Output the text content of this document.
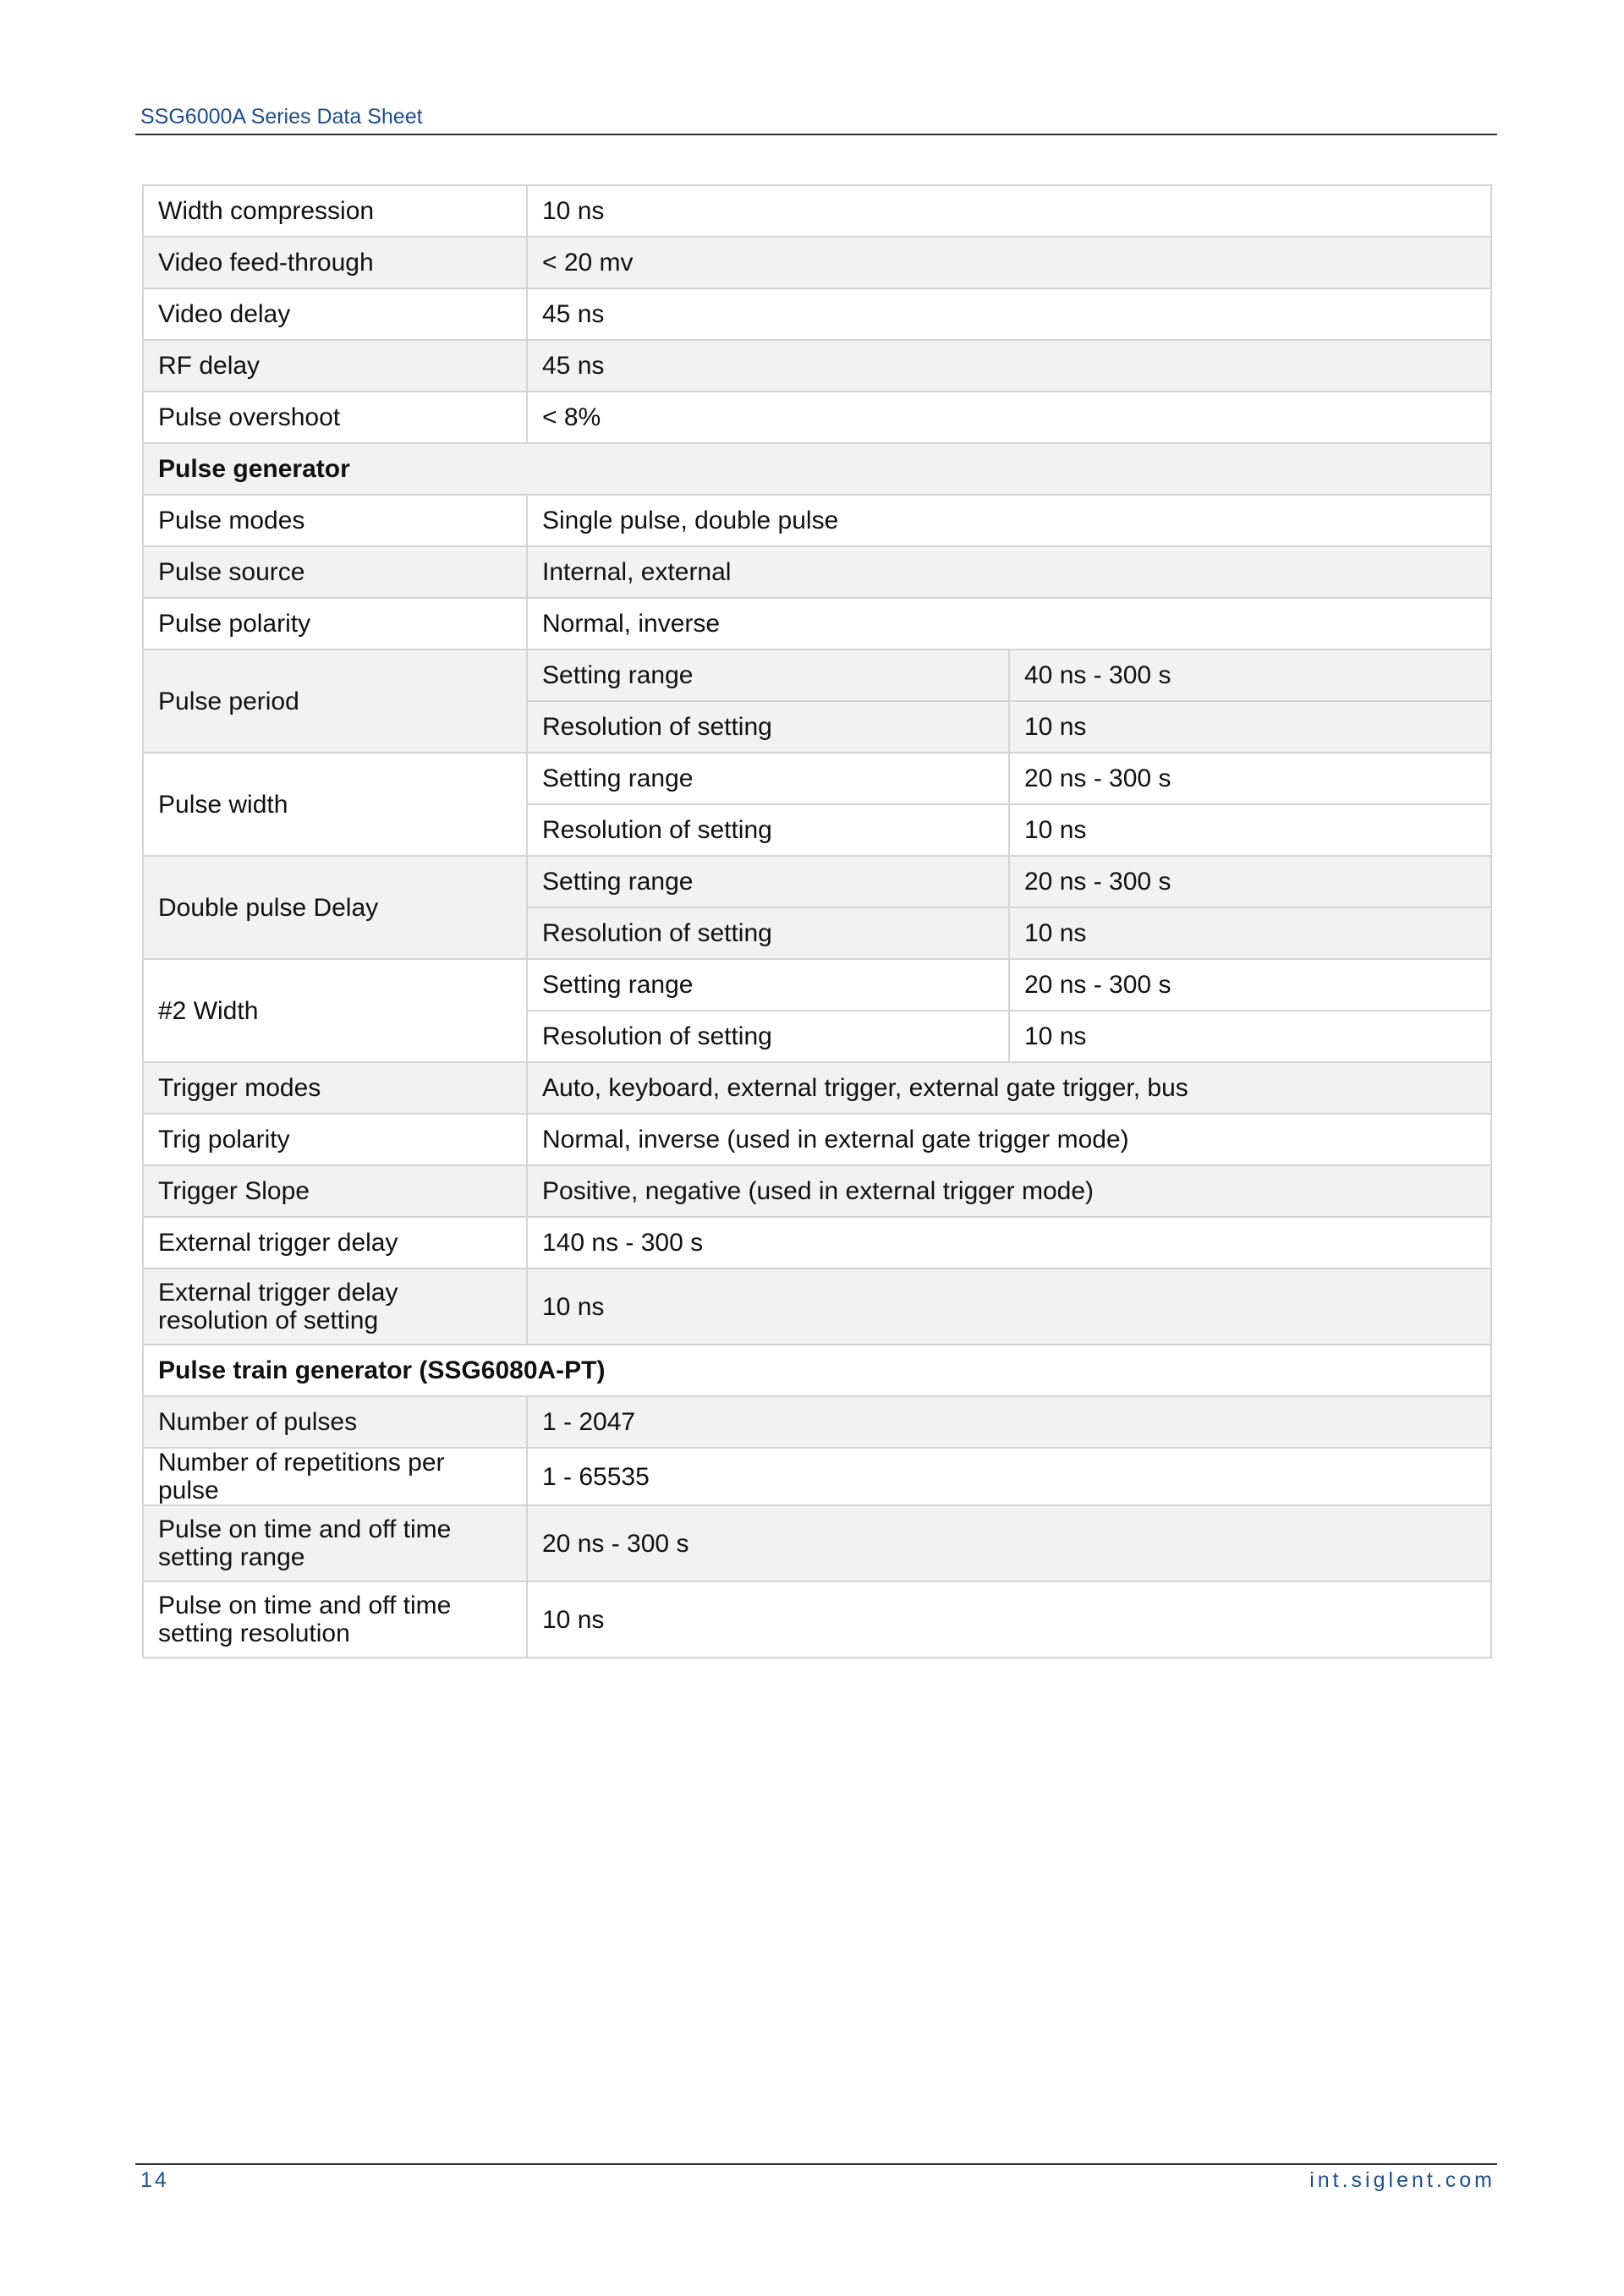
SSG6000A Series Data Sheet
Width compression	10 ns	
Video feed-through	< 20 mv	
Video delay	45 ns	
RF delay	45 ns	
Pulse overshoot	< 8%	
Pulse generator		
Pulse modes	Single pulse, double pulse	
Pulse source	Internal, external	
Pulse polarity	Normal, inverse	
Pulse period	Setting range	40 ns - 300 s
	Resolution of setting	10 ns
Pulse width	Setting range	20 ns - 300 s
	Resolution of setting	10 ns
Double pulse Delay	Setting range	20 ns - 300 s
	Resolution of setting	10 ns
#2 Width	Setting range	20 ns - 300 s
	Resolution of setting	10 ns
Trigger modes	Auto, keyboard, external trigger, external gate trigger, bus	
Trig polarity	Normal, inverse (used in external gate trigger mode)	
Trigger Slope	Positive, negative (used in external trigger mode)	
External trigger delay	140 ns - 300 s	

External trigger delay
resolution of setting	10 ns	
Pulse train generator (SSG6080A-PT)		
Number of pulses	1 - 2047	
Number of repetitions per pulse	1 - 65535	

Pulse on time and off time
setting range	20 ns - 300 s	

Pulse on time and off time
setting resolution	10 ns	
14	int.siglent.com
